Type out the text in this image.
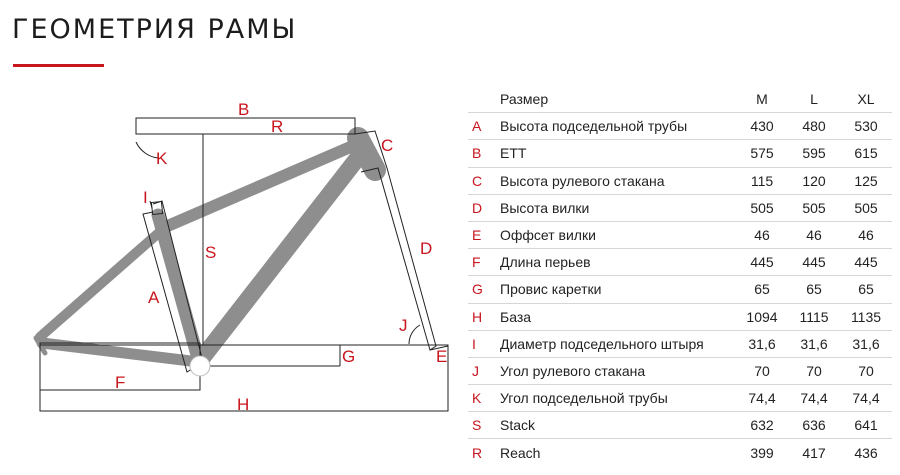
ГЕОМЕТРИЯ РАМЫ
B
R
K
C
I
S	D
A
J
G	E
F
H
	Размер	M	L	XL
A	Высота подседельной трубы	430	480	530
B	ETT	575	595	615
C	Высота рулевого стакана	115	120	125
D	Высота вилки	505	505	505
E	Оффсет вилки	46	46	46
F	Длина перьев	445	445	445
G	Провис каретки	65	65	65
H	База	1094	1115	1135
I	Диаметр подседельного штыря	31,6	31,6	31,6
J	Угол рулевого стакана	70	70	70
K	Угол подседельной трубы	74,4	74,4	74,4
S	Stack	632	636	641
R	Reach	399	417	436
